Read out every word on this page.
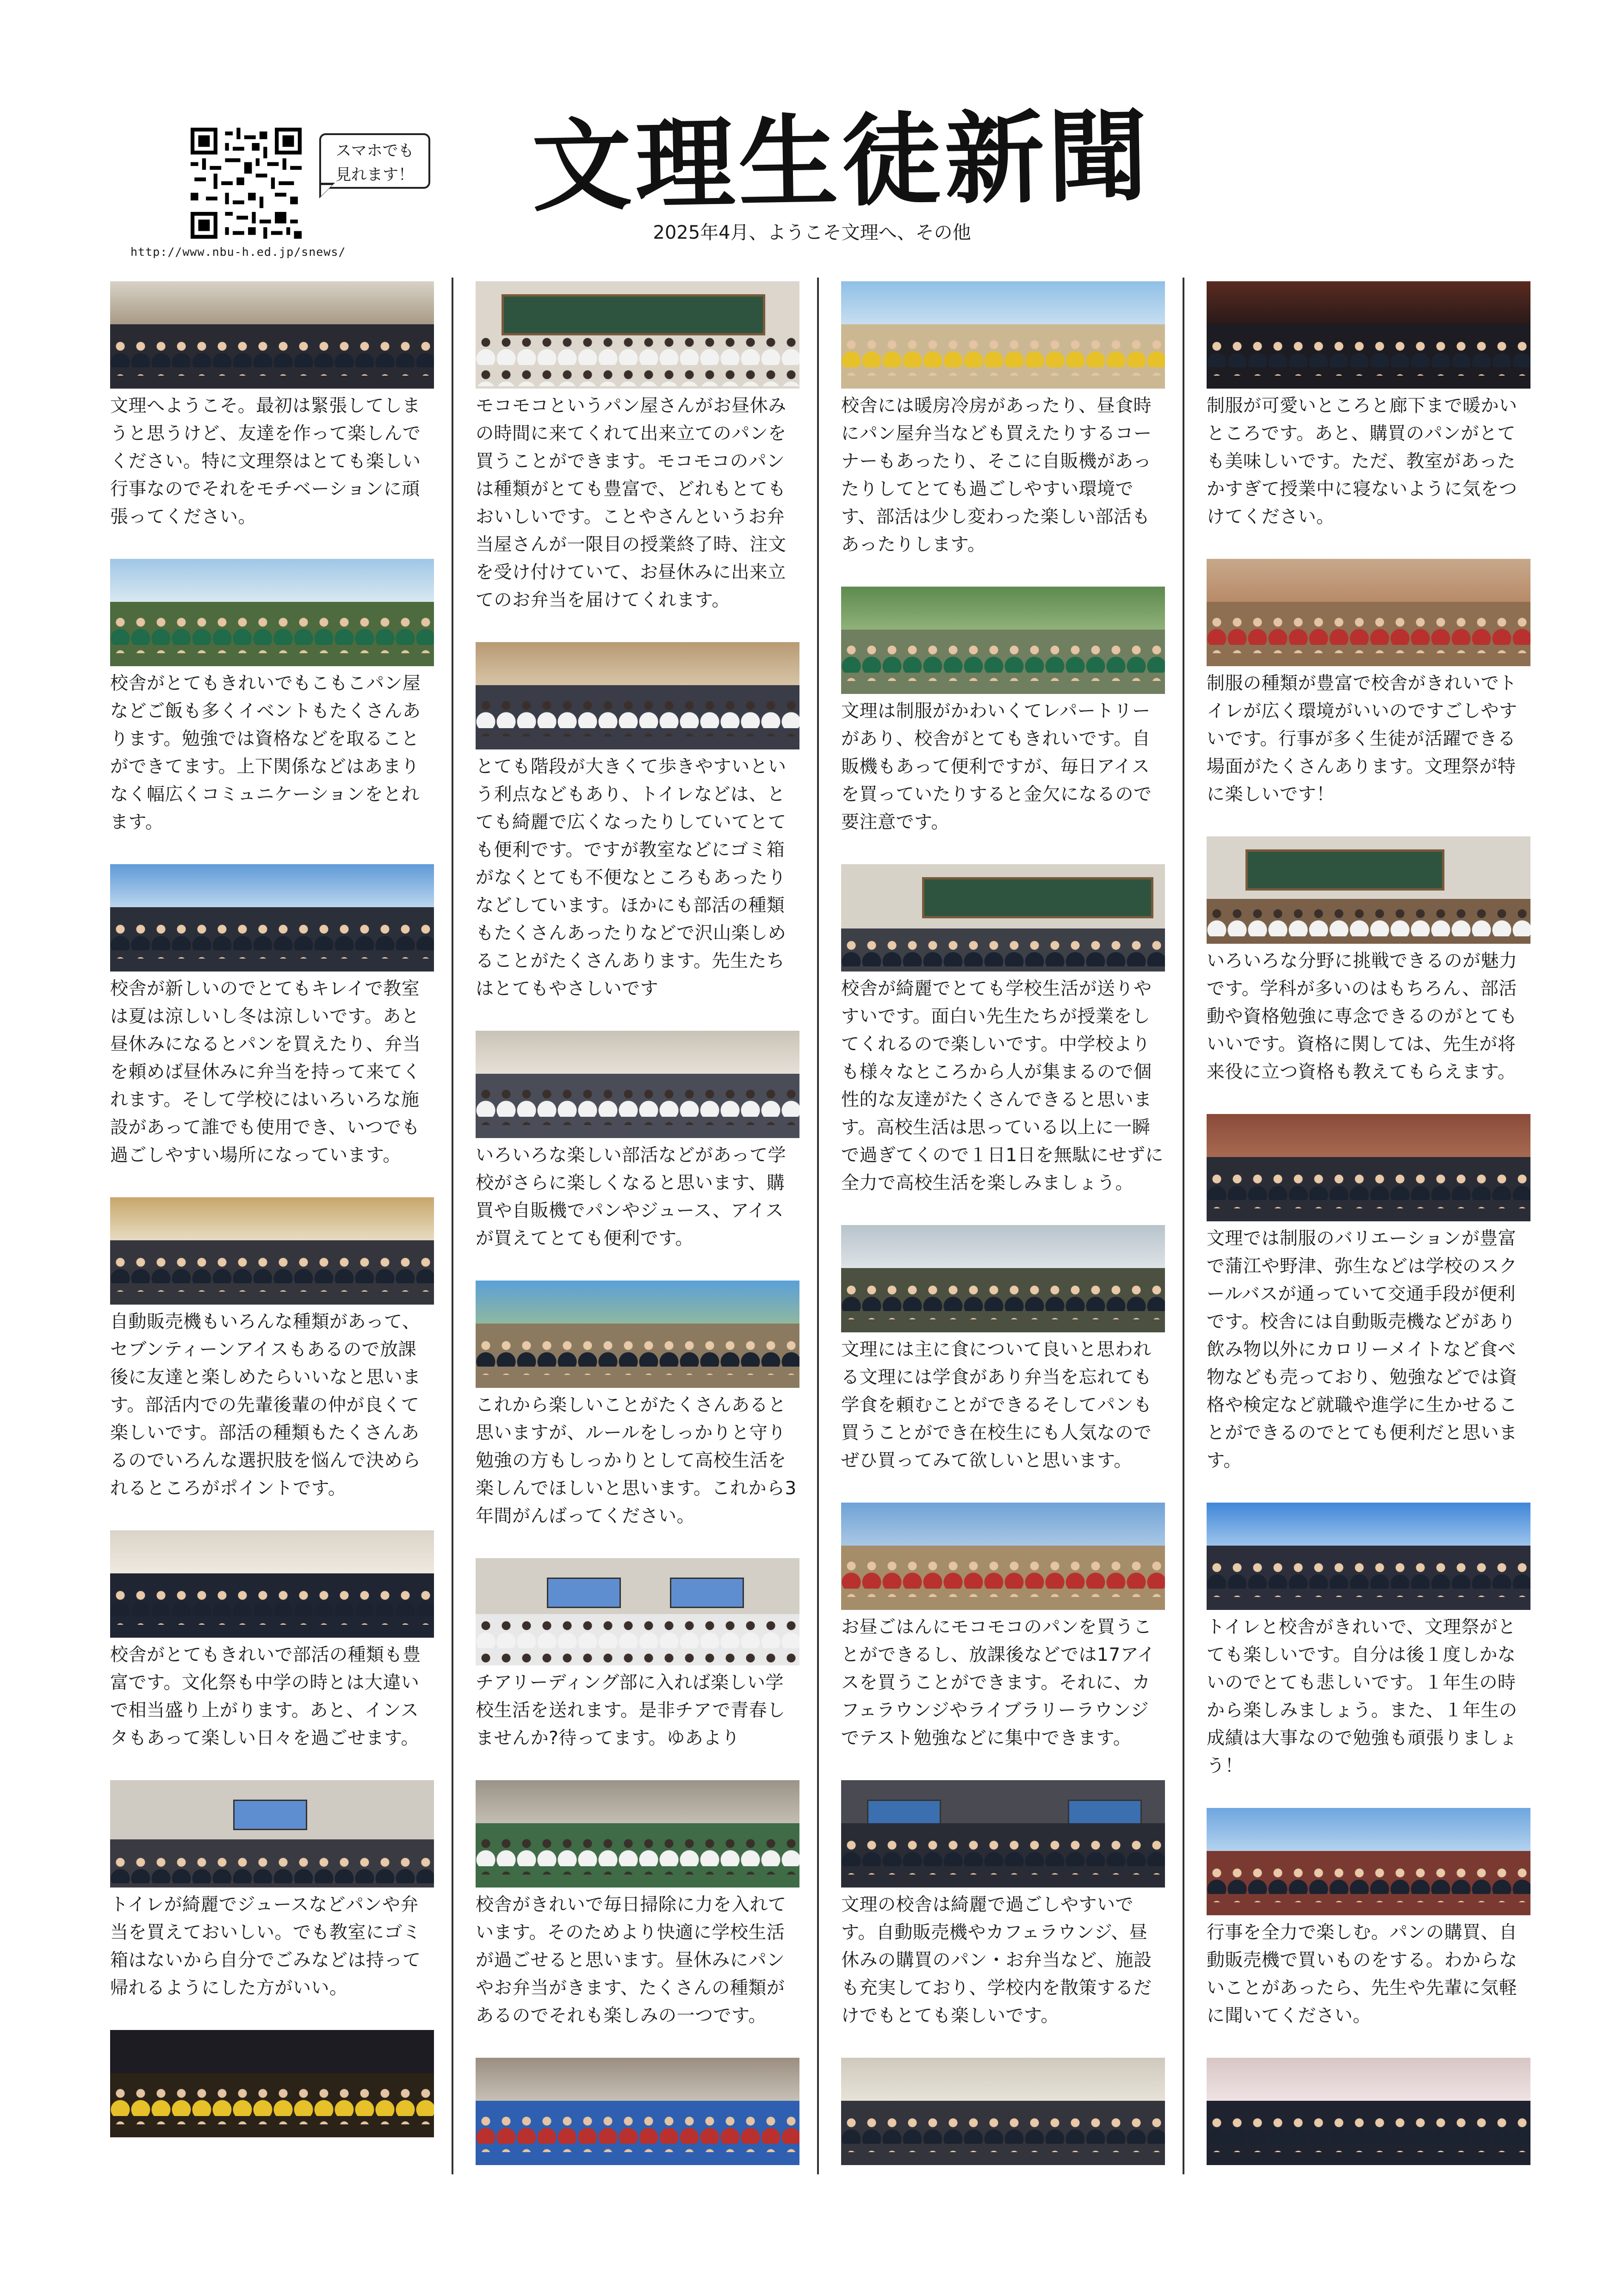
スマホでも
見れます！
http://www.nbu-h.ed.jp/snews/
文理生徒新聞
2025年4月、ようこそ文理へ、その他

文理へようこそ。最初は緊張してしまうと思うけど、友達を作って楽しんでください。特に文理祭はとても楽しい行事なのでそれをモチベーションに頑張ってください。

校舎がとてもきれいでもこもこパン屋などご飯も多くイベントもたくさんあります。勉強では資格などを取ることができてます。上下関係などはあまりなく幅広くコミュニケーションをとれます。

校舎が新しいのでとてもキレイで教室は夏は涼しいし冬は涼しいです。あと昼休みになるとパンを買えたり、弁当を頼めば昼休みに弁当を持って来てくれます。そして学校にはいろいろな施設があって誰でも使用でき、いつでも過ごしやすい場所になっています。

自動販売機もいろんな種類があって、セブンティーンアイスもあるので放課後に友達と楽しめたらいいなと思います。部活内での先輩後輩の仲が良くて楽しいです。部活の種類もたくさんあるのでいろんな選択肢を悩んで決められるところがポイントです。

校舎がとてもきれいで部活の種類も豊富です。文化祭も中学の時とは大違いで相当盛り上がります。あと、インスタもあって楽しい日々を過ごせます。

トイレが綺麗でジュースなどパンや弁当を買えておいしい。でも教室にゴミ箱はないから自分でごみなどは持って帰れるようにした方がいい。

モコモコというパン屋さんがお昼休みの時間に来てくれて出来立てのパンを買うことができます。モコモコのパンは種類がとても豊富で、どれもとてもおいしいです。ことやさんというお弁当屋さんが一限目の授業終了時、注文を受け付けていて、お昼休みに出来立てのお弁当を届けてくれます。

とても階段が大きくて歩きやすいという利点などもあり、トイレなどは、とても綺麗で広くなったりしていてとても便利です。ですが教室などにゴミ箱がなくとても不便なところもあったりなどしています。ほかにも部活の種類もたくさんあったりなどで沢山楽しめることがたくさんあります。先生たちはとてもやさしいです

いろいろな楽しい部活などがあって学校がさらに楽しくなると思います、購買や自販機でパンやジュース、アイスが買えてとても便利です。

これから楽しいことがたくさんあると思いますが、ルールをしっかりと守り勉強の方もしっかりとして高校生活を楽しんでほしいと思います。これから3年間がんばってください。

チアリーディング部に入れば楽しい学校生活を送れます。是非チアで青春しませんか?待ってます。ゆあより

校舎がきれいで毎日掃除に力を入れています。そのためより快適に学校生活が過ごせると思います。昼休みにパンやお弁当がきます、たくさんの種類があるのでそれも楽しみの一つです。

校舎には暖房冷房があったり、昼食時にパン屋弁当なども買えたりするコーナーもあったり、そこに自販機があったりしてとても過ごしやすい環境です、部活は少し変わった楽しい部活もあったりします。

文理は制服がかわいくてレパートリーがあり、校舎がとてもきれいです。自販機もあって便利ですが、毎日アイスを買っていたりすると金欠になるので要注意です。

校舎が綺麗でとても学校生活が送りやすいです。面白い先生たちが授業をしてくれるので楽しいです。中学校よりも様々なところから人が集まるので個性的な友達がたくさんできると思います。高校生活は思っている以上に一瞬で過ぎてくので１日1日を無駄にせずに全力で高校生活を楽しみましょう。

文理には主に食について良いと思われる文理には学食があり弁当を忘れても学食を頼むことができるそしてパンも買うことができ在校生にも人気なのでぜひ買ってみて欲しいと思います。

お昼ごはんにモコモコのパンを買うことができるし、放課後などでは17アイスを買うことができます。それに、カフェラウンジやライブラリーラウンジでテスト勉強などに集中できます。

文理の校舎は綺麗で過ごしやすいです。自動販売機やカフェラウンジ、昼休みの購買のパン・お弁当など、施設も充実しており、学校内を散策するだけでもとても楽しいです。

制服が可愛いところと廊下まで暖かいところです。あと、購買のパンがとても美味しいです。ただ、教室があったかすぎて授業中に寝ないように気をつけてください。

制服の種類が豊富で校舎がきれいでトイレが広く環境がいいのですごしやすいです。行事が多く生徒が活躍できる場面がたくさんあります。文理祭が特に楽しいです！

いろいろな分野に挑戦できるのが魅力です。学科が多いのはもちろん、部活動や資格勉強に専念できるのがとてもいいです。資格に関しては、先生が将来役に立つ資格も教えてもらえます。

文理では制服のバリエーションが豊富で蒲江や野津、弥生などは学校のスクールバスが通っていて交通手段が便利です。校舎には自動販売機などがあり飲み物以外にカロリーメイトなど食べ物なども売っており、勉強などでは資格や検定など就職や進学に生かせることができるのでとても便利だと思います。

トイレと校舎がきれいで、文理祭がとても楽しいです。自分は後１度しかないのでとても悲しいです。１年生の時から楽しみましょう。また、１年生の成績は大事なので勉強も頑張りましょう！

行事を全力で楽しむ。パンの購買、自動販売機で買いものをする。わからないことがあったら、先生や先輩に気軽に聞いてください。
